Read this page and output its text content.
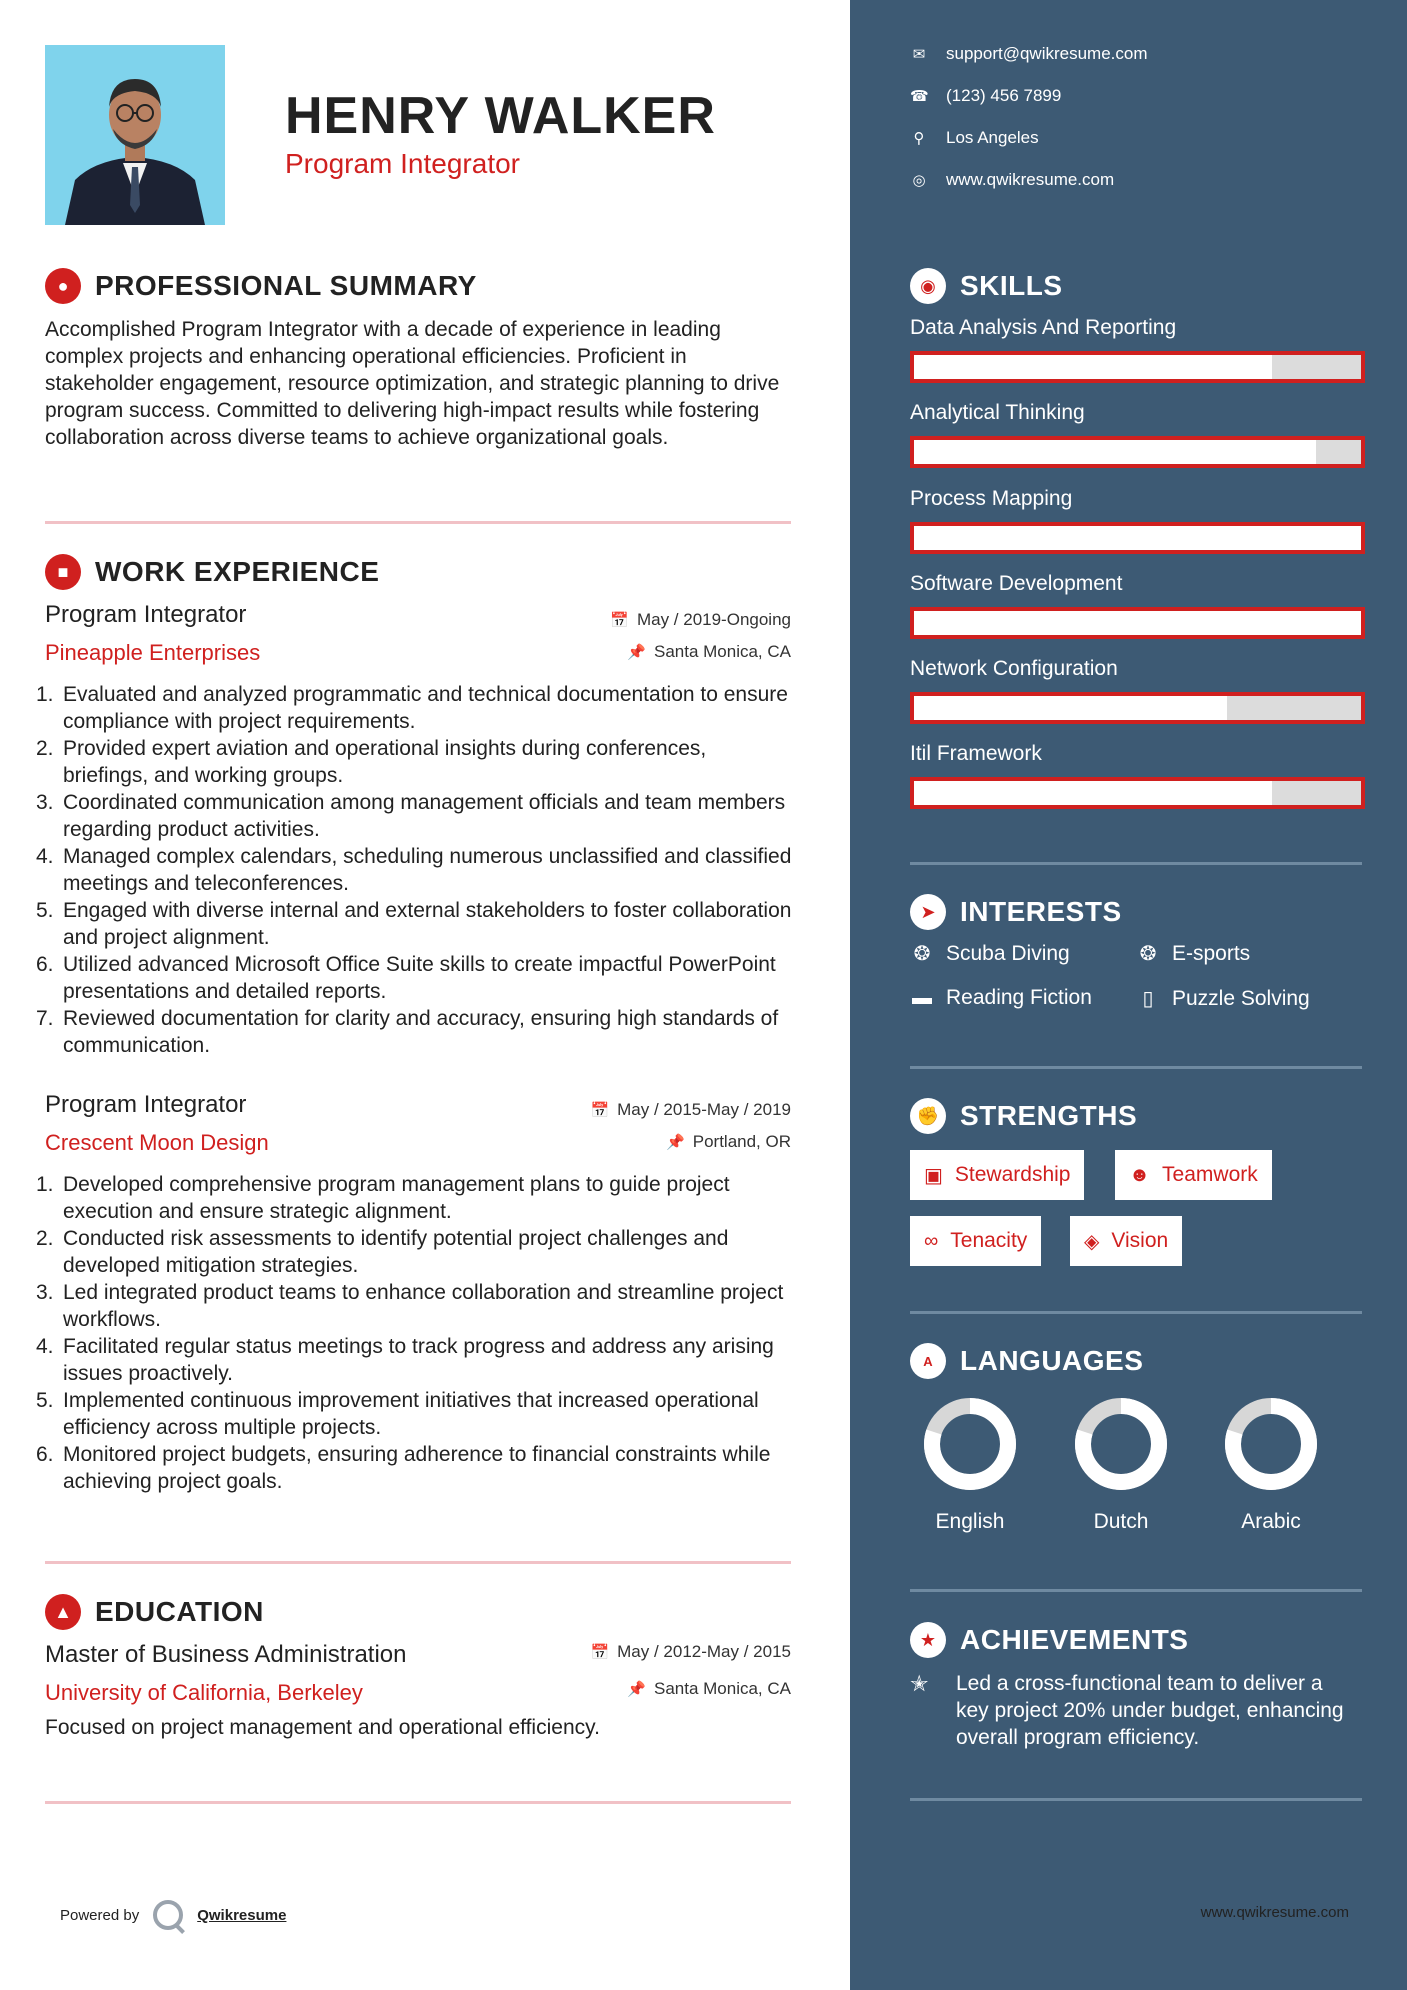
HENRY WALKER
Program Integrator
● PROFESSIONAL SUMMARY
Accomplished Program Integrator with a decade of experience in leading complex projects and enhancing operational efficiencies. Proficient in stakeholder engagement, resource optimization, and strategic planning to drive program success. Committed to delivering high-impact results while fostering collaboration across diverse teams to achieve organizational goals.
■ WORK EXPERIENCE
Program Integrator
Pineapple Enterprises
📅 May / 2019-Ongoing
📌 Santa Monica, CA
1. Evaluated and analyzed programmatic and technical documentation to ensure compliance with project requirements.
2. Provided expert aviation and operational insights during conferences, briefings, and working groups.
3. Coordinated communication among management officials and team members regarding product activities.
4. Managed complex calendars, scheduling numerous unclassified and classified meetings and teleconferences.
5. Engaged with diverse internal and external stakeholders to foster collaboration and project alignment.
6. Utilized advanced Microsoft Office Suite skills to create impactful PowerPoint presentations and detailed reports.
7. Reviewed documentation for clarity and accuracy, ensuring high standards of communication.
Program Integrator
Crescent Moon Design
📅 May / 2015-May / 2019
📌 Portland, OR
1. Developed comprehensive program management plans to guide project execution and ensure strategic alignment.
2. Conducted risk assessments to identify potential project challenges and developed mitigation strategies.
3. Led integrated product teams to enhance collaboration and streamline project workflows.
4. Facilitated regular status meetings to track progress and address any arising issues proactively.
5. Implemented continuous improvement initiatives that increased operational efficiency across multiple projects.
6. Monitored project budgets, ensuring adherence to financial constraints while achieving project goals.
▲ EDUCATION
Master of Business Administration
University of California, Berkeley
📅 May / 2012-May / 2015
📌 Santa Monica, CA
Focused on project management and operational efficiency.
Powered by	Qwikresume	www.qwikresume.com
✉ support@qwikresume.com
☎ (123) 456 7899
⚲ Los Angeles
◎ www.qwikresume.com
◉ SKILLS
Data Analysis And Reporting
Analytical Thinking
Process Mapping
Software Development
Network Configuration
Itil Framework
➤ INTERESTS
❂ Scuba Diving	❂ E-sports
▬ Reading Fiction	▯ Puzzle Solving
✊ STRENGTHS
▣ Stewardship	☻ Teamwork
∞ Tenacity	◈ Vision
A LANGUAGES
English	Dutch	Arabic
★ ACHIEVEMENTS
✭	Led a cross-functional team to deliver a key project 20% under budget, enhancing overall program efficiency.
